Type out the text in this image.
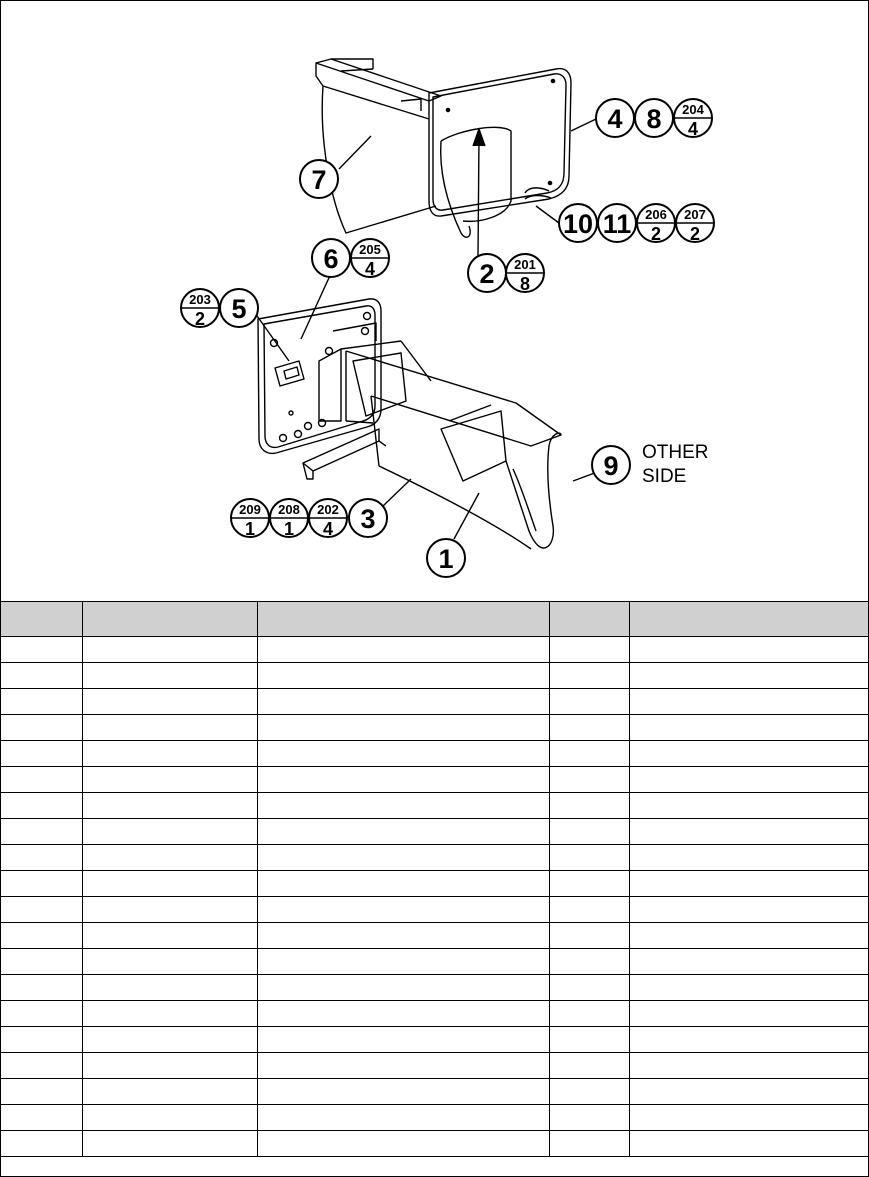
7
4 8
2
10 11
6
5
3
1
9
204
4
201
8
206
2
207
2
205
4
203
2
209
1
208
1
202
4
OTHER
SIDE
